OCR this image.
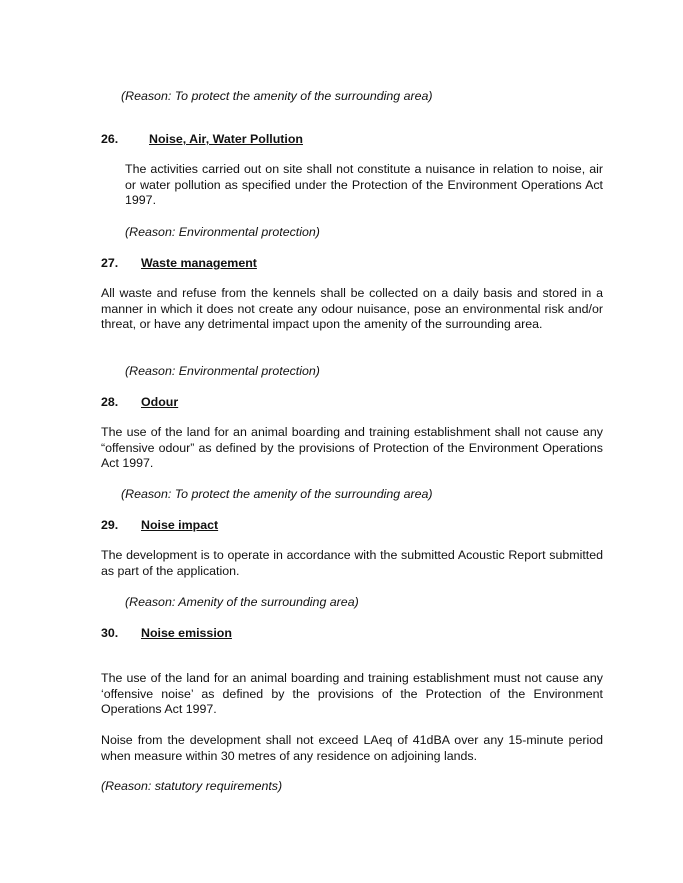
(Reason: To protect the amenity of the surrounding area)

26. Noise, Air, Water Pollution

The activities carried out on site shall not constitute a nuisance in relation to noise, air or water pollution as specified under the Protection of the Environment Operations Act 1997.

(Reason: Environmental protection)

27. Waste management

All waste and refuse from the kennels shall be collected on a daily basis and stored in a manner in which it does not create any odour nuisance, pose an environmental risk and/or threat, or have any detrimental impact upon the amenity of the surrounding area.

(Reason: Environmental protection)

28. Odour

The use of the land for an animal boarding and training establishment shall not cause any “offensive odour” as defined by the provisions of Protection of the Environment Operations Act 1997.

(Reason: To protect the amenity of the surrounding area)

29. Noise impact

The development is to operate in accordance with the submitted Acoustic Report submitted as part of the application.

(Reason: Amenity of the surrounding area)

30. Noise emission

The use of the land for an animal boarding and training establishment must not cause any ‘offensive noise’ as defined by the provisions of the Protection of the Environment Operations Act 1997.

Noise from the development shall not exceed LAeq of 41dBA over any 15-minute period when measure within 30 metres of any residence on adjoining lands.

(Reason: statutory requirements)
